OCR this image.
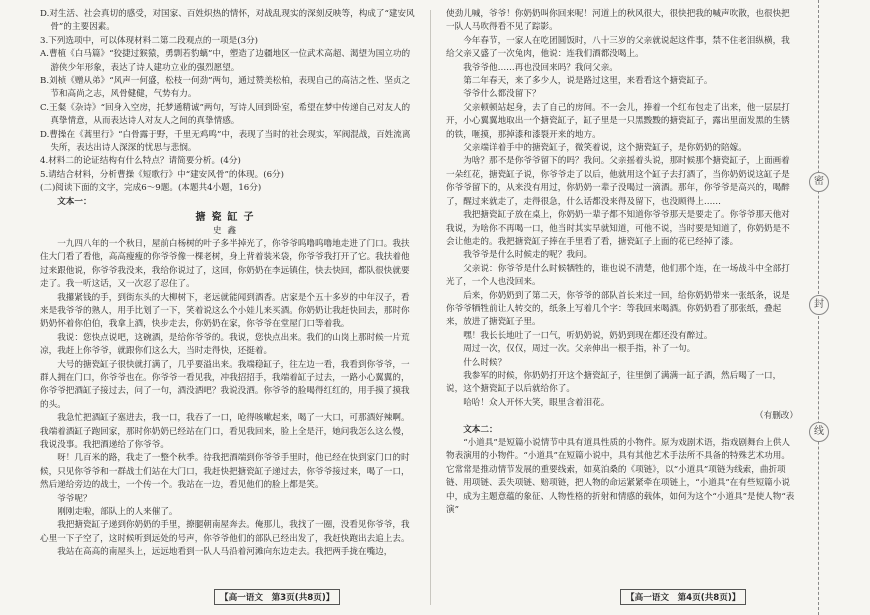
D.对生活、社会真切的感受，对国家、百姓炽热的情怀，对战乱现实的深刻反映等，构成了“建安风骨”的主要因素。

3.下列选项中，可以体现材料二第二段观点的一项是(3分)

A.曹植《白马篇》“狡捷过猴猿，勇剽若豹螭”中，塑造了边疆地区一位武术高超、渴望为国立功的游侠少年形象，表达了诗人建功立业的强烈愿望。

B.刘桢《赠从弟》“风声一何盛，松枝一何劲”两句，通过赞美松柏，表现自己的高洁之性、坚贞之节和高尚之志，风骨健健，气势有力。

C.王粲《杂诗》“回身入空房，托梦通精诚”两句，写诗人回到卧室，希望在梦中传递自己对友人的真挚情意，从而表达诗人对友人之间的真挚情感。

D.曹操在《蒿里行》“白骨露于野，千里无鸡鸣”中，表现了当时的社会现实，军阀混战，百姓流离失所，表达出诗人深深的忧思与悲悯。

4.材料二的论证结构有什么特点？请简要分析。(4分)

5.请结合材料，分析曹操《短歌行》中“建安风骨”的体现。(6分)

(二)阅读下面的文字，完成6～9题。(本题共4小题，16分)

文本一：

搪瓷缸子

史鑫

一九四八年的一个秋日，屋前白杨树的叶子多半掉光了，你爷爷呜噜呜噜地走进了门口。我扶住大门看了看他，高高瘦瘦的你爷爷像一棵老树，身上背着装米袋，你爷爷我打开了它。我扶着他过来跟他说，你爷爷我没来，我给你说过了，这回，你奶奶在李远镇住，快去快回，都队很快就要走了。我一听这话，又一次忍了忍住了。

我攥紧钱的手，到街东头的大柳树下，老远就能闻到酒香。店家是个五十多岁的中年汉子，看来是我爷爷的熟人，用手比划了一下，笑着说这么个小娃儿来买酒。你奶奶让我赶快回去，那时你奶奶怀着你伯伯，我拿上酒，快步走去，你奶奶在家，你爷爷在堂屋门口等着我。

我说：您快点说吧，这碗酒，是给你爷爷的。我说，您快点出来。我们的山岗上那时候一片荒凉，我赶上你爷爷，就跟你们这么大，当时走得快，还挺着。

大号的搪瓷缸子很快就打满了，几乎要溢出来。我端稳缸子，往左边一看，我看到你爷爷，一群人拥在门口，你爷爷也在。你爷爷一看见我，冲我招招手，我端着缸子过去，一路小心翼翼的，你爷爷把酒缸子接过去，问了一句，酒没洒吧？我说没洒。你爷爷的脸喝得红红的，用手摸了摸我的头。

我急忙把酒缸子塞进去，我一口，我吞了一口，呛得咳嗽起来，喝了一大口，可那酒好辣啊。我端着酒缸子跑回家，那时你奶奶已经站在门口，看见我回来，脸上全是汗，她问我怎么这么慢，我说没事。我把酒递给了你爷爷。

呀！几百米的路，我走了一整个秋季。待我把酒端到你爷爷手里时，他已经在快到家门口的时候，只见你爷爷和一群战士们站在大门口，我赶快把搪瓷缸子递过去，你爷爷接过来，喝了一口，然后递给旁边的战士，一个传一个。我站在一边，看见他们的脸上都是笑。

爷爷呢？

刚刚走啦，部队上的人来催了。

我把搪瓷缸子递到你奶奶的手里，撩腿朝南屋奔去。俺那儿，我找了一圈，没看见你爷爷，我心里一下子空了，这时候听到远处的号声，你爷爷他们的部队已经出发了，我赶快跑出去追上去。

我站在高高的南屋头上，远远地看到一队人马沿着河滩向东边走去。我把两手拢在嘴边，

使劲儿喊，爷爷！你奶奶叫你回来呢！河道上的秋风很大，很快把我的喊声吹散，也很快把一队人马吹得看不见了踪影。

今年春节，一家人在吃团圆饭时，八十三岁的父亲就说起这件事，禁不住老泪纵横，我给父亲又盛了一次兔肉，他说：连我们酒都没喝上。

我爷爷他……再也没回来吗？我问父亲。

第二年春天，来了多少人，说是路过这里，来看看这个搪瓷缸子。

爷爷什么都没留下？

父亲顿顿站起身，去了自己的房间。不一会儿，捧着一个红布包走了出来，他一层层打开，小心翼翼地取出一个搪瓷缸子，缸子里是一只黑黢黢的搪瓷缸子，露出里面发黑的生锈的铁，咂摸，那掉漆和漆裂开来的地方。

父亲端详着手中的搪瓷缸子，微笑着说，这个搪瓷缸子，是你奶奶的陪嫁。

为啥？那不是你爷爷留下的吗？我问。父亲摇着头说，那时候那个搪瓷缸子，上面画着一朵红花，搪瓷缸子说，你爷爷走了以后，他就用这个缸子去打酒了，当你奶奶说这缸子是你爷爷留下的，从来没有用过，你奶奶一辈子没喝过一滴酒。那年，你爷爷是高兴的，喝醉了，醒过来就走了，走得很急，什么话都没来得及留下，也没顾得上……

我把搪瓷缸子放在桌上，你奶奶一辈子都不知道你爷爷那天是要走了。你爷爷那天他对我说，为啥你不再喝一口，他当时其实早就知道，可他不说，当时要是知道了，你奶奶是不会让他走的。我把搪瓷缸子捧在手里看了看，搪瓷缸子上面的花已经掉了漆。

我爷爷是什么时候走的呢？我问。

父亲说：你爷爷是什么时候牺牲的，谁也说不清楚，他们那个连，在一场战斗中全部打光了，一个人也没回来。

后来，你奶奶到了第二天，你爷爷的部队首长来过一回，给你奶奶带来一张纸条，说是你爷爷牺牲前让人转交的，纸条上写着几个字：等我回来喝酒。你奶奶看了那张纸，叠起来，放进了搪瓷缸子里。

嘿！我长长地吐了一口气，听奶奶说，奶奶到现在都还没有醉过。

周过一次，仅仅，周过一次。父亲伸出一根手指，补了一句。

什么时候？

我参军的时候，你奶奶打开这个搪瓷缸子，往里倒了满满一缸子酒，然后喝了一口，说，这个搪瓷缸子以后就给你了。

哈哈！众人开怀大笑，眼里含着泪花。

（有删改）

文本二：

“小道具”是短篇小说情节中具有道具性质的小物件。原为戏剧术语，指戏剧舞台上供人物表演用的小物件。“小道具”在短篇小说中，具有其他艺术手法所不具备的特殊艺术功用。它常常是推动情节发展的重要线索，如莫泊桑的《项链》，以“小道具”项链为线索，曲折项链、用项链、丢失项链、赔项链，把人物的命运紧紧牵在项链上，“小道具”在有些短篇小说中，成为主题意蕴的象征、人物性格的折射和情感的载体，如何为这个“小道具”是使人物“表演”

【高一语文　第3页(共8页)】	【高一语文　第4页(共8页)】
密
封
线
